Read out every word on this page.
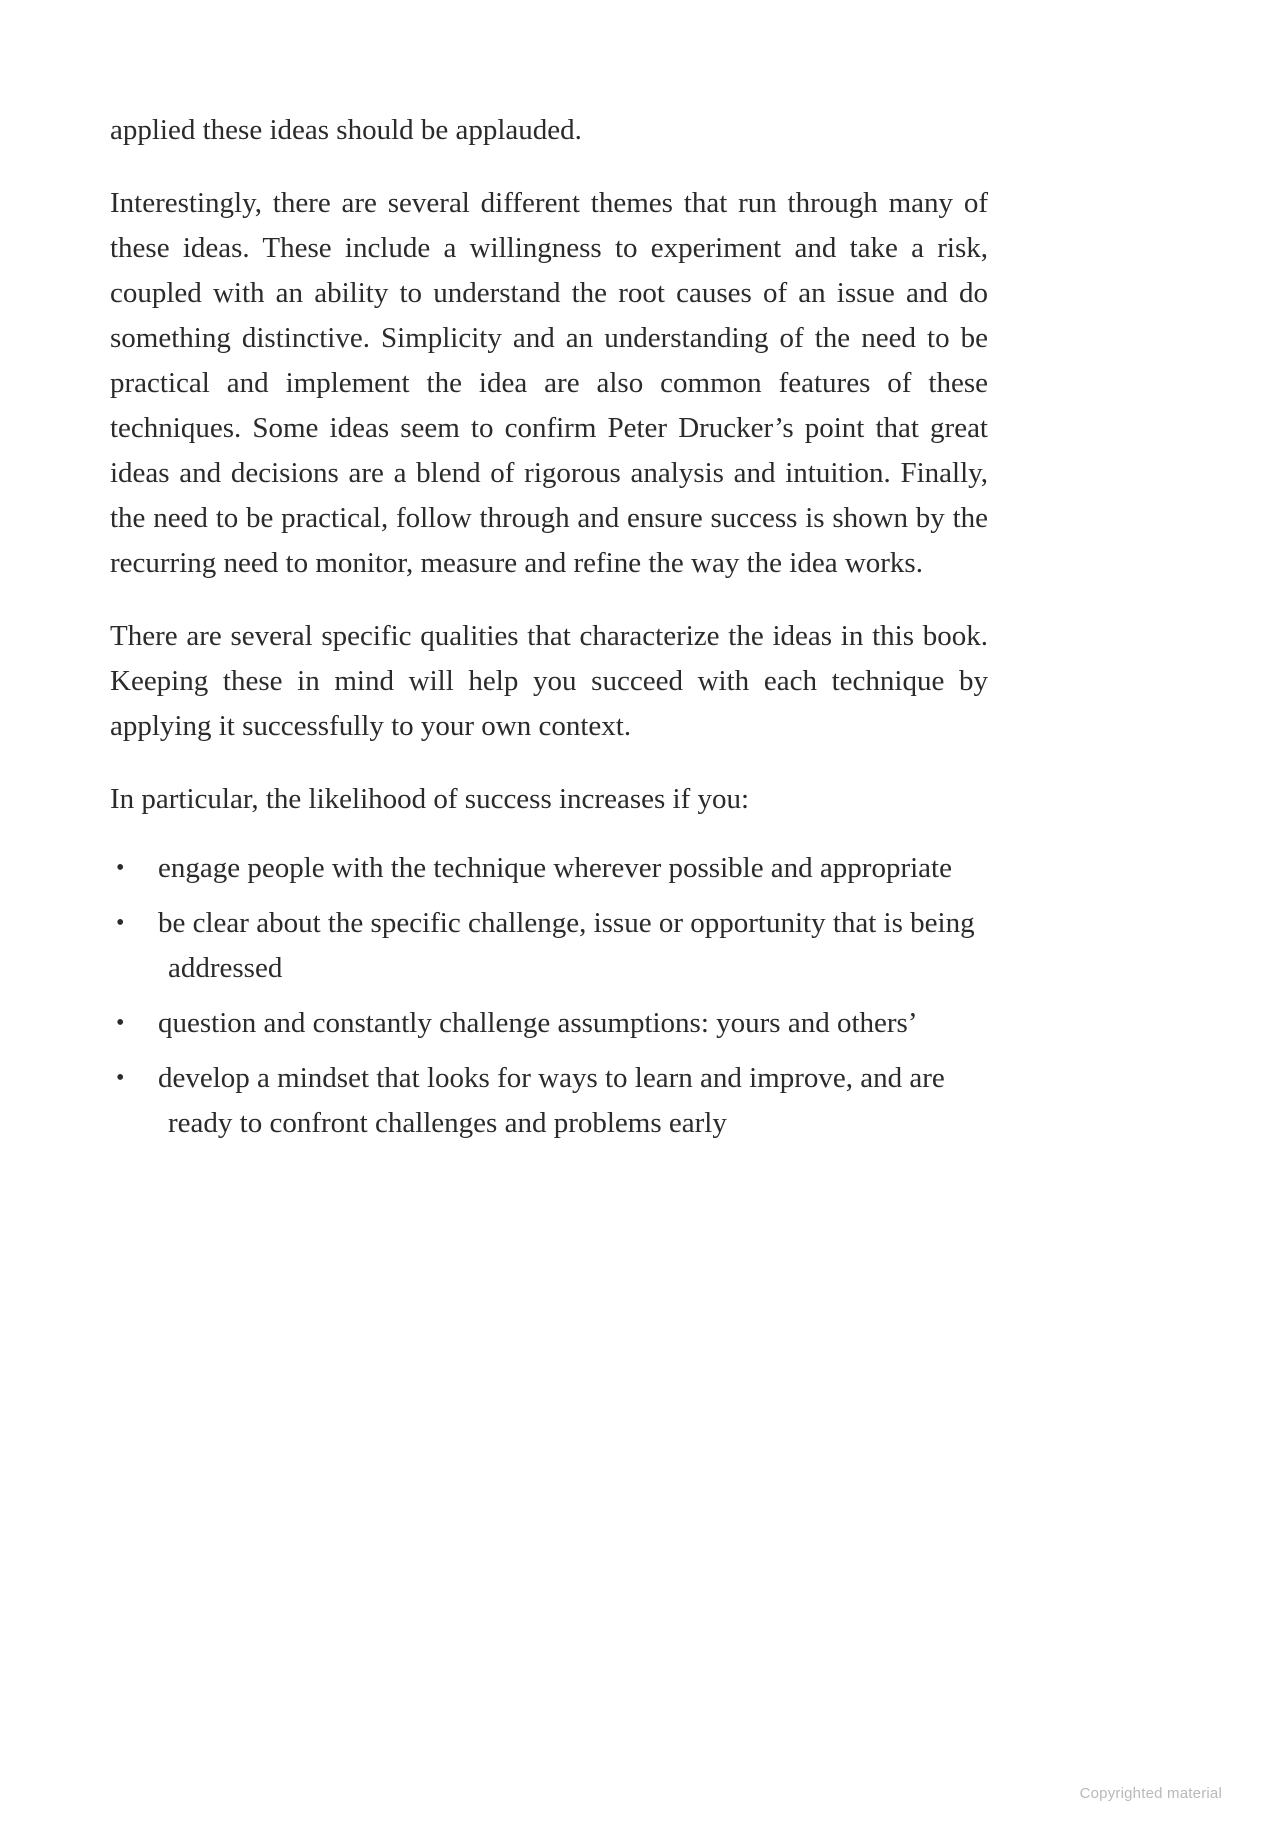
applied these ideas should be applauded.

Interestingly, there are several different themes that run through many of these ideas. These include a willingness to experiment and take a risk, coupled with an ability to understand the root causes of an issue and do something distinctive. Simplicity and an understanding of the need to be practical and implement the idea are also common features of these techniques. Some ideas seem to confirm Peter Drucker’s point that great ideas and decisions are a blend of rigorous analysis and intuition. Finally, the need to be practical, follow through and ensure success is shown by the recurring need to monitor, measure and refine the way the idea works.

There are several specific qualities that characterize the ideas in this book. Keeping these in mind will help you succeed with each technique by applying it successfully to your own context.

In particular, the likelihood of success increases if you:

•	engage people with the technique wherever possible and appropriate
•	be clear about the specific challenge, issue or opportunity that is being addressed
•	question and constantly challenge assumptions: yours and others’
•	develop a mindset that looks for ways to learn and improve, and are ready to confront challenges and problems early
Copyrighted material
